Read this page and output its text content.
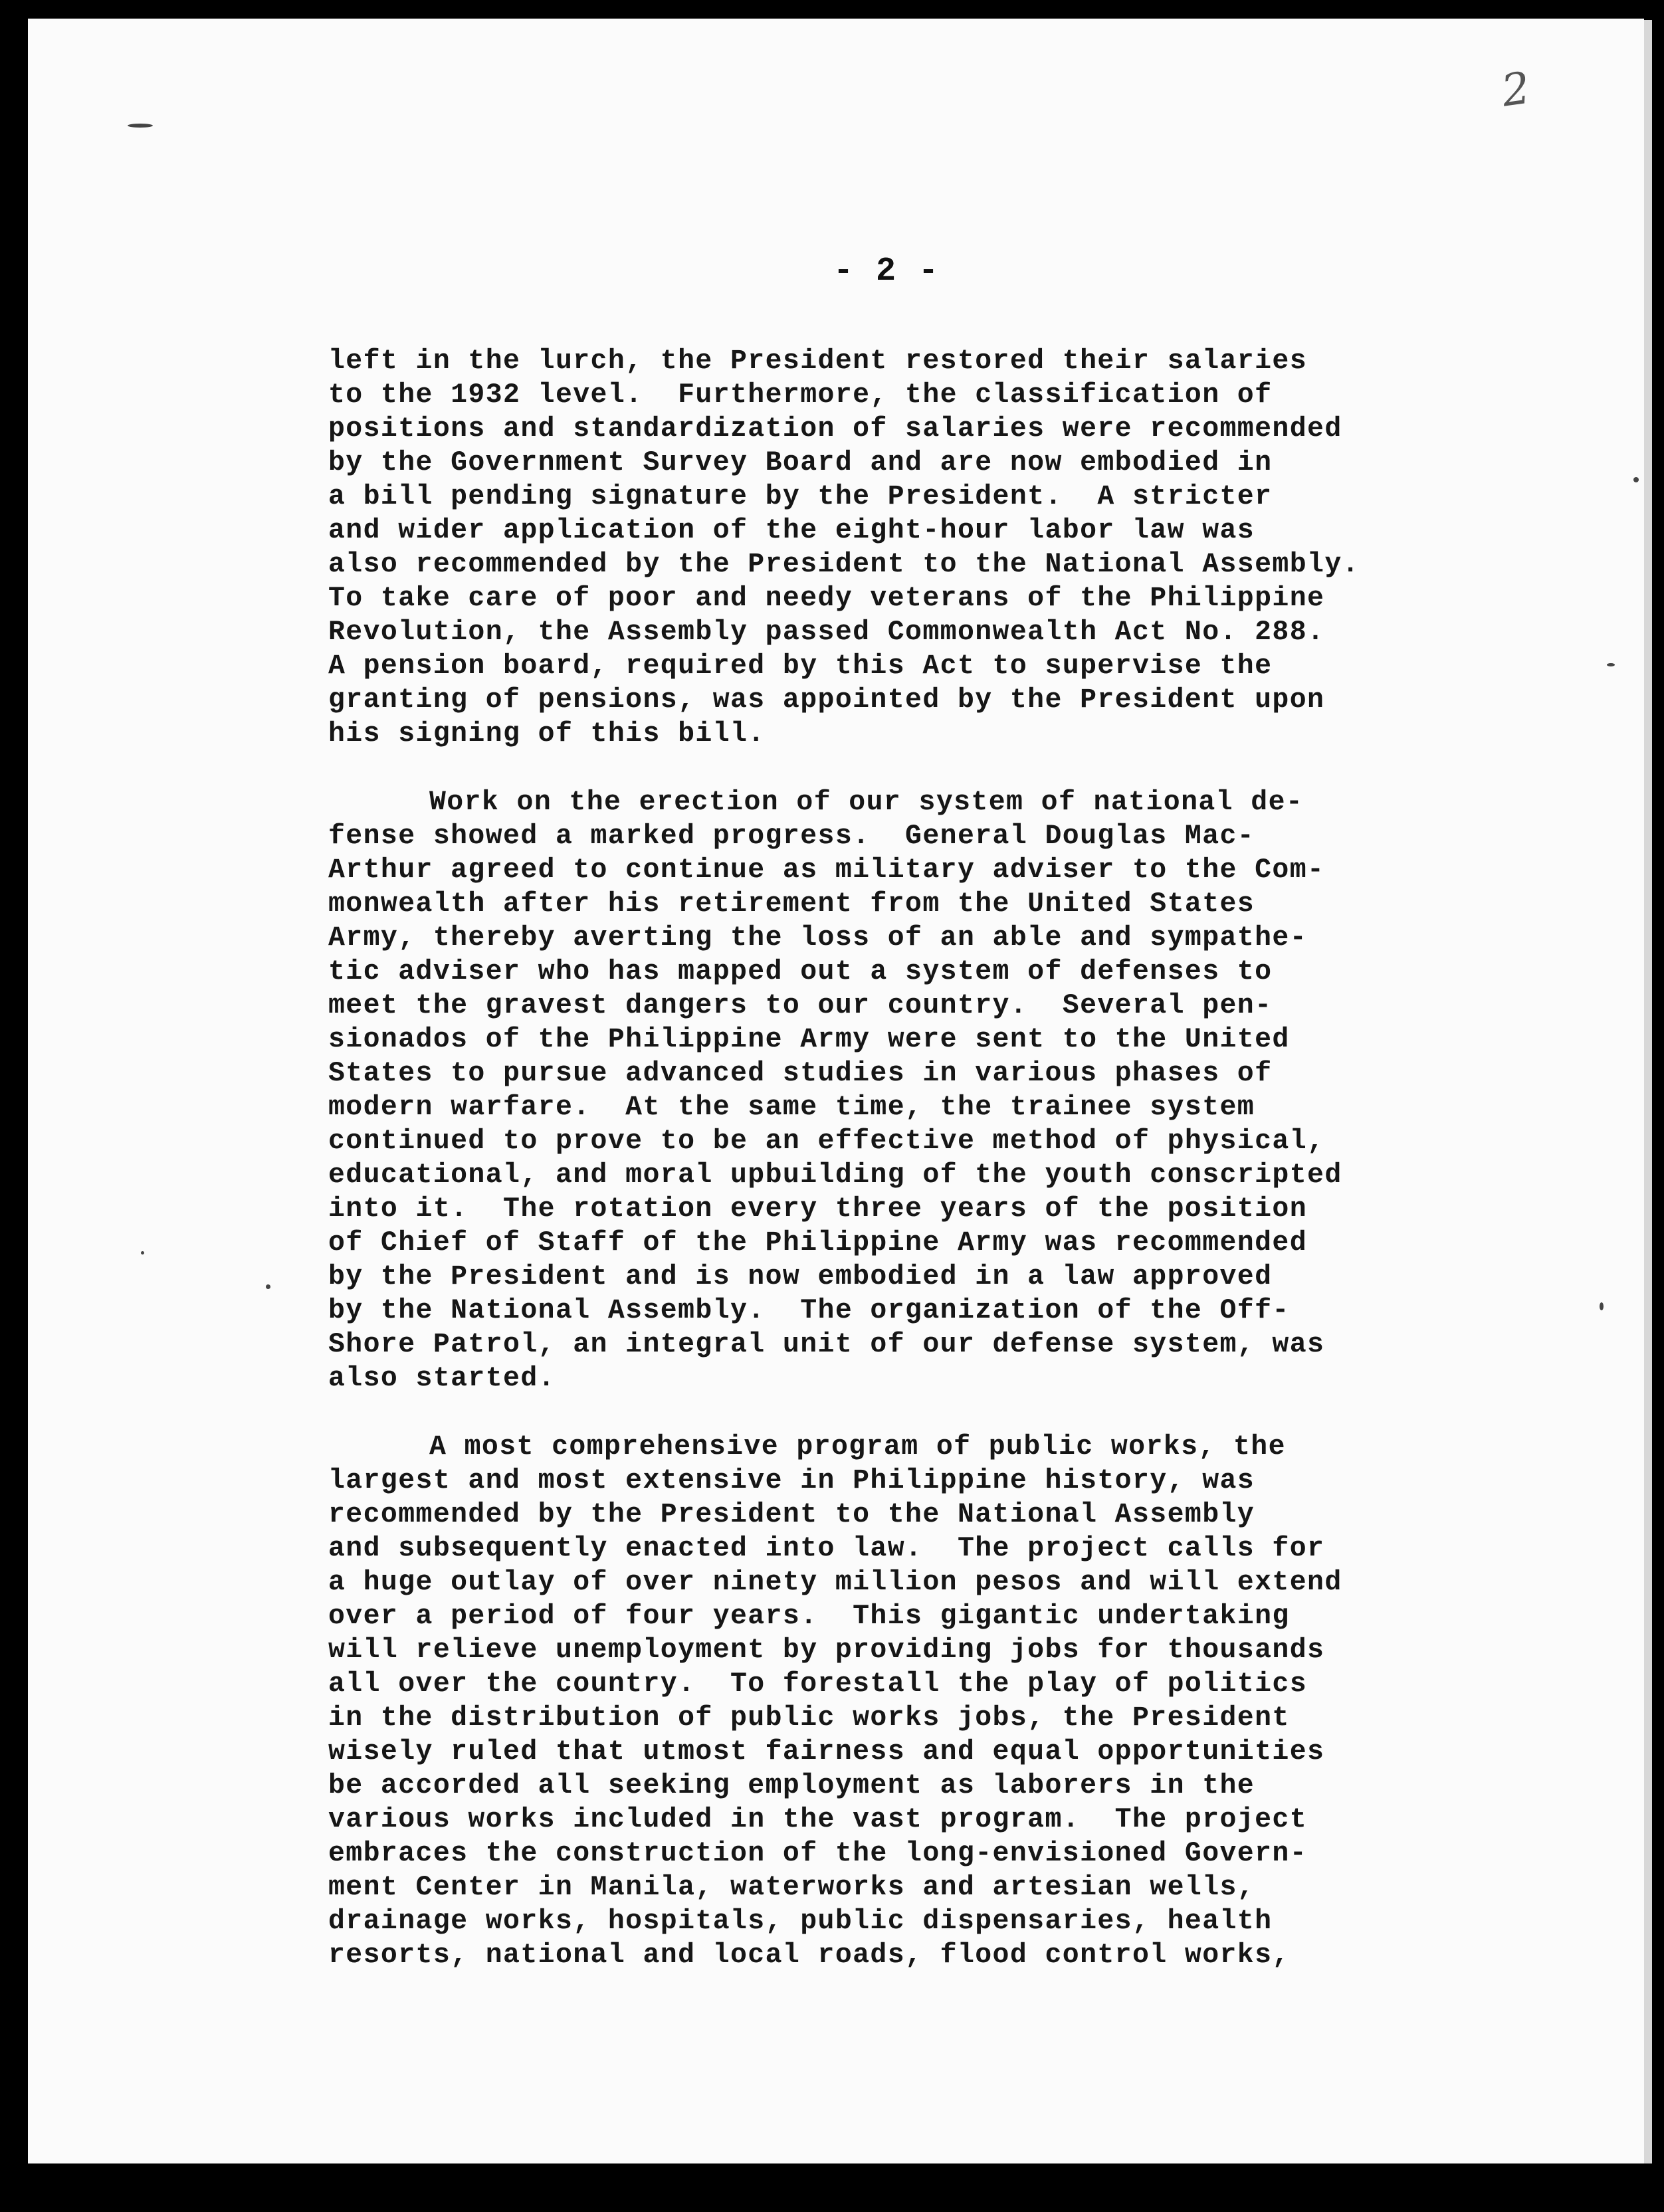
2
- 2 -
left in the lurch, the President restored their salaries
to the 1932 level.  Furthermore, the classification of
positions and standardization of salaries were recommended
by the Government Survey Board and are now embodied in
a bill pending signature by the President.  A stricter
and wider application of the eight-hour labor law was
also recommended by the President to the National Assembly.
To take care of poor and needy veterans of the Philippine
Revolution, the Assembly passed Commonwealth Act No. 288.
A pension board, required by this Act to supervise the
granting of pensions, was appointed by the President upon
his signing of this bill.
Work on the erection of our system of national de-
fense showed a marked progress.  General Douglas Mac-
Arthur agreed to continue as military adviser to the Com-
monwealth after his retirement from the United States
Army, thereby averting the loss of an able and sympathe-
tic adviser who has mapped out a system of defenses to
meet the gravest dangers to our country.  Several pen-
sionados of the Philippine Army were sent to the United
States to pursue advanced studies in various phases of
modern warfare.  At the same time, the trainee system
continued to prove to be an effective method of physical,
educational, and moral upbuilding of the youth conscripted
into it.  The rotation every three years of the position
of Chief of Staff of the Philippine Army was recommended
by the President and is now embodied in a law approved
by the National Assembly.  The organization of the Off-
Shore Patrol, an integral unit of our defense system, was
also started.
A most comprehensive program of public works, the
largest and most extensive in Philippine history, was
recommended by the President to the National Assembly
and subsequently enacted into law.  The project calls for
a huge outlay of over ninety million pesos and will extend
over a period of four years.  This gigantic undertaking
will relieve unemployment by providing jobs for thousands
all over the country.  To forestall the play of politics
in the distribution of public works jobs, the President
wisely ruled that utmost fairness and equal opportunities
be accorded all seeking employment as laborers in the
various works included in the vast program.  The project
embraces the construction of the long-envisioned Govern-
ment Center in Manila, waterworks and artesian wells,
drainage works, hospitals, public dispensaries, health
resorts, national and local roads, flood control works,
